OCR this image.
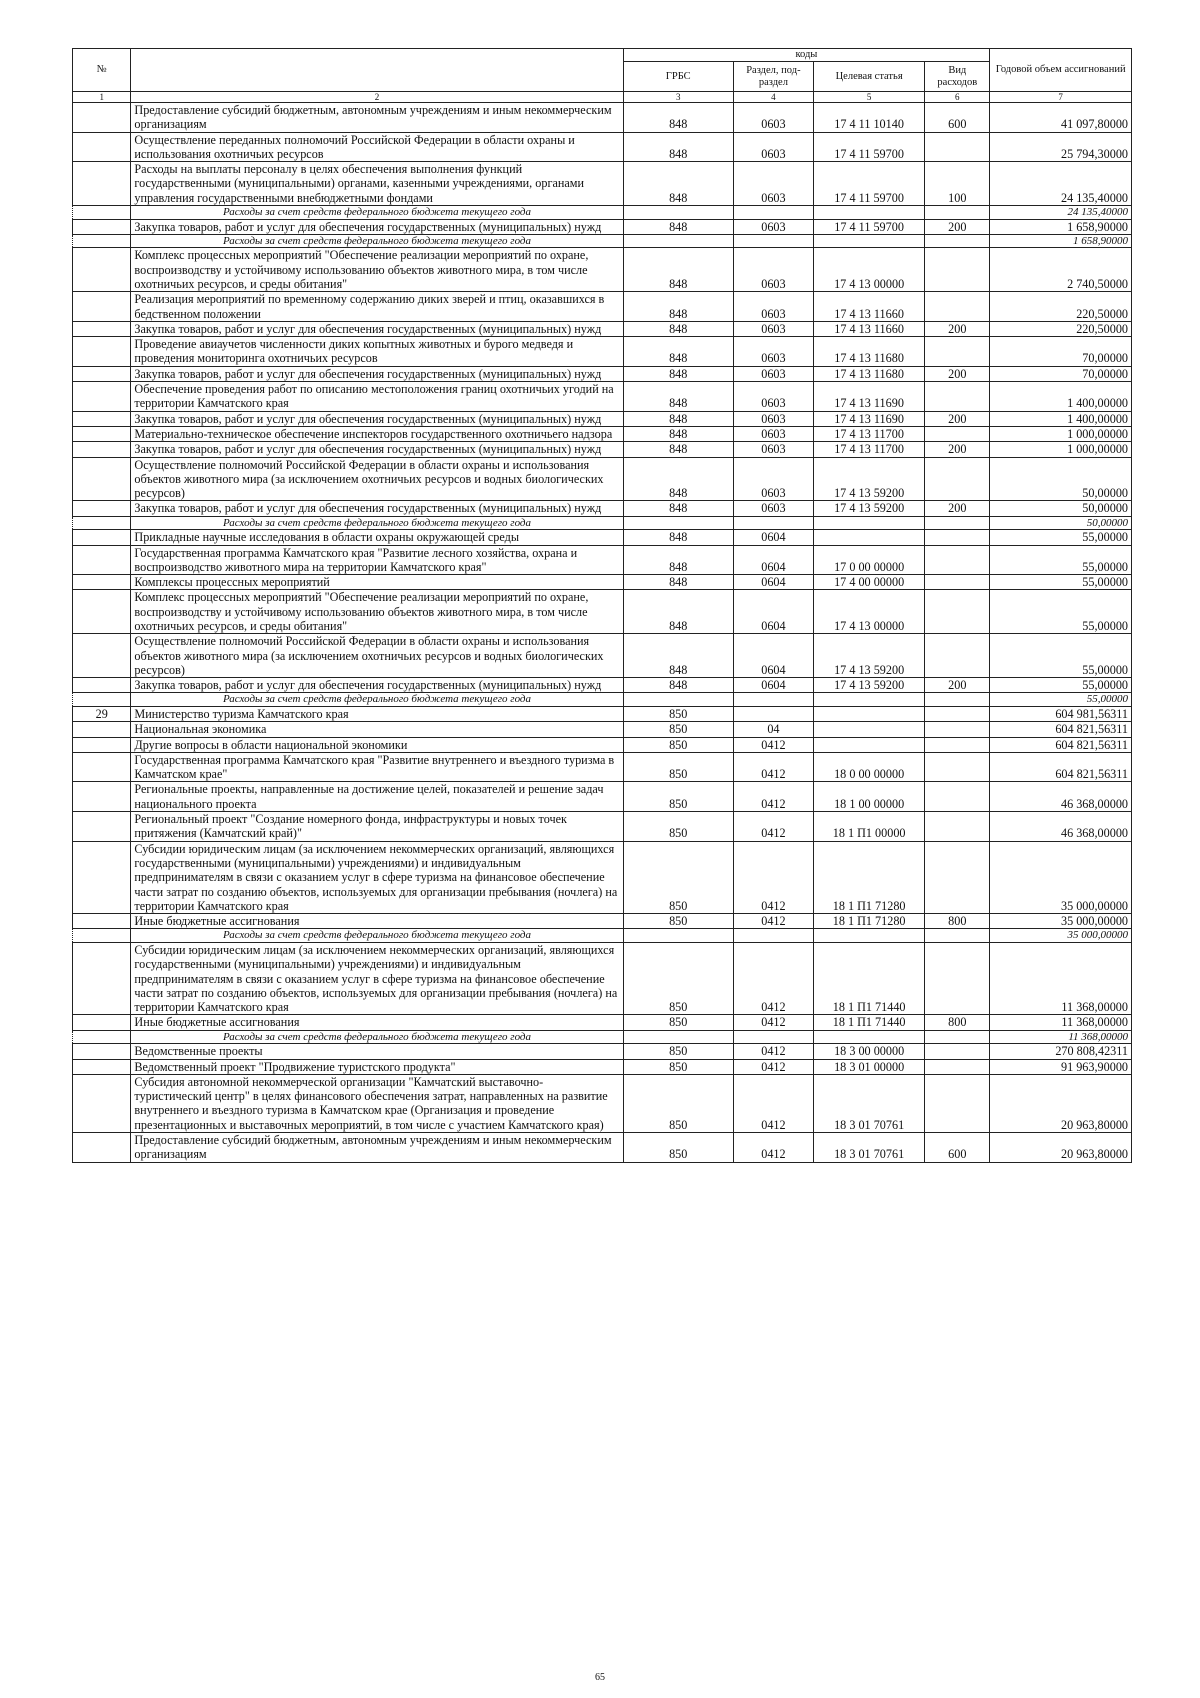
№		коды				Годовой объем ассигнований
		ГРБС	Раздел, под-раздел	Целевая статья	Вид расходов	
1	2	3	4	5	6	7
	Предоставление субсидий бюджетным, автономным учреждениям и иным некоммерческим организациям	848	0603	17 4 11 10140	600	41 097,80000
	Осуществление переданных полномочий Российской Федерации в области охраны и использования охотничьих ресурсов	848	0603	17 4 11 59700		25 794,30000
	Расходы на выплаты персоналу в целях обеспечения выполнения функций государственными (муниципальными) органами, казенными учреждениями, органами управления государственными внебюджетными фондами	848	0603	17 4 11 59700	100	24 135,40000
	Расходы за счет средств федерального бюджета текущего года					24 135,40000
	Закупка товаров, работ и услуг для обеспечения государственных (муниципальных) нужд	848	0603	17 4 11 59700	200	1 658,90000
	Расходы за счет средств федерального бюджета текущего года					1 658,90000
	Комплекс процессных мероприятий "Обеспечение реализации мероприятий по охране, воспроизводству и устойчивому использованию объектов животного мира, в том числе охотничьих ресурсов, и среды обитания"	848	0603	17 4 13 00000		2 740,50000
	Реализация мероприятий по временному содержанию диких зверей и птиц, оказавшихся в бедственном положении	848	0603	17 4 13 11660		220,50000
	Закупка товаров, работ и услуг для обеспечения государственных (муниципальных) нужд	848	0603	17 4 13 11660	200	220,50000
	Проведение авиаучетов численности диких копытных животных и бурого медведя и проведения мониторинга охотничьих ресурсов	848	0603	17 4 13 11680		70,00000
	Закупка товаров, работ и услуг для обеспечения государственных (муниципальных) нужд	848	0603	17 4 13 11680	200	70,00000
	Обеспечение проведения работ по описанию местоположения границ охотничьих угодий на территории Камчатского края	848	0603	17 4 13 11690		1 400,00000
	Закупка товаров, работ и услуг для обеспечения государственных (муниципальных) нужд	848	0603	17 4 13 11690	200	1 400,00000
	Материально-техническое обеспечение инспекторов государственного охотничьего надзора	848	0603	17 4 13 11700		1 000,00000
	Закупка товаров, работ и услуг для обеспечения государственных (муниципальных) нужд	848	0603	17 4 13 11700	200	1 000,00000
	Осуществление полномочий Российской Федерации в области охраны и использования объектов животного мира (за исключением охотничьих ресурсов и водных биологических ресурсов)	848	0603	17 4 13 59200		50,00000
	Закупка товаров, работ и услуг для обеспечения государственных (муниципальных) нужд	848	0603	17 4 13 59200	200	50,00000
	Расходы за счет средств федерального бюджета текущего года					50,00000
	Прикладные научные исследования в области охраны окружающей среды	848	0604			55,00000
	Государственная программа Камчатского края "Развитие лесного хозяйства, охрана и воспроизводство животного мира на территории Камчатского края"	848	0604	17 0 00 00000		55,00000
	Комплексы процессных мероприятий	848	0604	17 4 00 00000		55,00000
	Комплекс процессных мероприятий "Обеспечение реализации мероприятий по охране, воспроизводству и устойчивому использованию объектов животного мира, в том числе охотничьих ресурсов, и среды обитания"	848	0604	17 4 13 00000		55,00000
	Осуществление полномочий Российской Федерации в области охраны и использования объектов животного мира (за исключением охотничьих ресурсов и водных биологических ресурсов)	848	0604	17 4 13 59200		55,00000
	Закупка товаров, работ и услуг для обеспечения государственных (муниципальных) нужд	848	0604	17 4 13 59200	200	55,00000
	Расходы за счет средств федерального бюджета текущего года					55,00000
29	Министерство туризма Камчатского края	850				604 981,56311
	Национальная экономика	850	04			604 821,56311
	Другие вопросы в области национальной экономики	850	0412			604 821,56311
	Государственная программа Камчатского края "Развитие внутреннего и въездного туризма в Камчатском крае"	850	0412	18 0 00 00000		604 821,56311
	Региональные проекты, направленные на достижение целей, показателей и решение задач национального проекта	850	0412	18 1 00 00000		46 368,00000
	Региональный проект "Создание номерного фонда, инфраструктуры и новых точек притяжения (Камчатский край)"	850	0412	18 1 П1 00000		46 368,00000
	Субсидии юридическим лицам (за исключением некоммерческих организаций, являющихся государственными (муниципальными) учреждениями) и индивидуальным предпринимателям в связи с оказанием услуг в сфере туризма на финансовое обеспечение части затрат по созданию объектов, используемых для организации пребывания (ночлега) на территории Камчатского края	850	0412	18 1 П1 71280		35 000,00000
	Иные бюджетные ассигнования	850	0412	18 1 П1 71280	800	35 000,00000
	Расходы за счет средств федерального бюджета текущего года					35 000,00000
	Субсидии юридическим лицам (за исключением некоммерческих организаций, являющихся государственными (муниципальными) учреждениями) и индивидуальным предпринимателям в связи с оказанием услуг в сфере туризма на финансовое обеспечение части затрат по созданию объектов, используемых для организации пребывания (ночлега) на территории Камчатского края	850	0412	18 1 П1 71440		11 368,00000
	Иные бюджетные ассигнования	850	0412	18 1 П1 71440	800	11 368,00000
	Расходы за счет средств федерального бюджета текущего года					11 368,00000
	Ведомственные проекты	850	0412	18 3 00 00000		270 808,42311
	Ведомственный проект "Продвижение туристского продукта"	850	0412	18 3 01 00000		91 963,90000
	Субсидия автономной некоммерческой организации "Камчатский выставочно-туристический центр" в целях финансового обеспечения затрат, направленных на развитие внутреннего и въездного туризма в Камчатском крае (Организация и проведение презентационных и выставочных мероприятий, в том числе с участием Камчатского края)	850	0412	18 3 01 70761		20 963,80000
	Предоставление субсидий бюджетным, автономным учреждениям и иным некоммерческим организациям	850	0412	18 3 01 70761	600	20 963,80000
65
